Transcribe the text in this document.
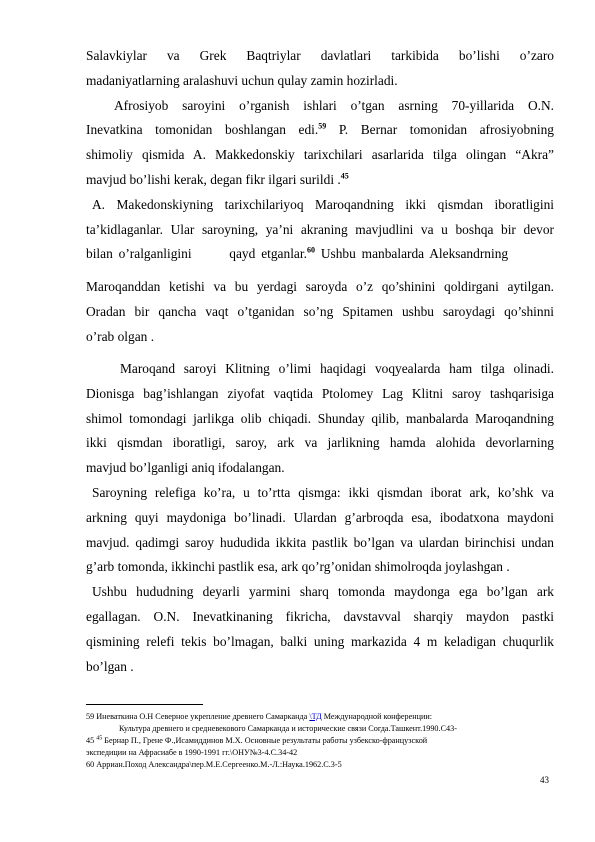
Salavkiylar va Grek Baqtriylar davlatlari tarkibida bo’lishi o’zaro
madaniyatlarning aralashuvi uchun qulay zamin hozirladi.
Afrosiyob saroyini o’rganish ishlari o’tgan asrning 70-yillarida O.N.
Inevatkina tomonidan boshlangan edi.$^{59}$ P. Bernar tomonidan afrosiyobning
shimoliy qismida A. Makkedonskiy tarixchilari asarlarida tilga olingan “Akra”
mavjud bo’lishi kerak, degan fikr ilgari surildi .$^{45}$
A. Makedonskiyning tarixchilariyoq Maroqandning ikki qismdan iboratligini
ta’kidlaganlar. Ular saroyning, ya’ni akraning mavjudlini va u boshqa bir devor
bilan o’ralganligini	qayd etganlar.$^{60}$ Ushbu manbalarda Aleksandrning
Maroqanddan ketishi va bu yerdagi saroyda o’z qo’shinini qoldirgani aytilgan.
Oradan bir qancha vaqt o’tganidan so’ng Spitamen ushbu saroydagi qo’shinni
o’rab olgan .
Maroqand saroyi Klitning o’limi haqidagi voqyealarda ham tilga olinadi.
Dionisga bag’ishlangan ziyofat vaqtida Ptolomey Lag Klitni saroy tashqarisiga
shimol tomondagi jarlikga olib chiqadi. Shunday qilib, manbalarda Maroqandning
ikki qismdan iboratligi, saroy, ark va jarlikning hamda alohida devorlarning
mavjud bo’lganligi aniq ifodalangan.
Saroyning relefiga ko’ra, u to’rtta qismga: ikki qismdan iborat ark, ko’shk va
arkning quyi maydoniga bo’linadi. Ulardan g’arbroqda esa, ibodatxona maydoni
mavjud. qadimgi saroy hududida ikkita pastlik bo’lgan va ulardan birinchisi undan
g’arb tomonda, ikkinchi pastlik esa, ark qo’rg’onidan shimolroqda joylashgan .
Ushbu hududning deyarli yarmini sharq tomonda maydonga ega bo’lgan ark
egallagan. O.N. Inevatkinaning fikricha, davstavval sharqiy maydon pastki
qismining relefi tekis bo’lmagan, balki uning markazida 4 m keladigan chuqurlik
bo’lgan .

59 Иневаткина О.Н Северное укрепление древнего Самарканда \ТД Международной конференции:

Культура древнего и средневекового Самарканда и исторические связи Согда.Ташкент.1990.С43-

45 $^{45}$ Бернар П., Грене Ф.,Исамиддинов М.Х. Основные результаты работы узбекско-французской

экспедиции на Афрасиабе в 1990-1991 гг.\ОНУ№3-4.С.34-42

60 Арриан.Поход Александра\пер.М.Е.Сергеенко.М.-Л.:Наука.1962.С.3-5

43
